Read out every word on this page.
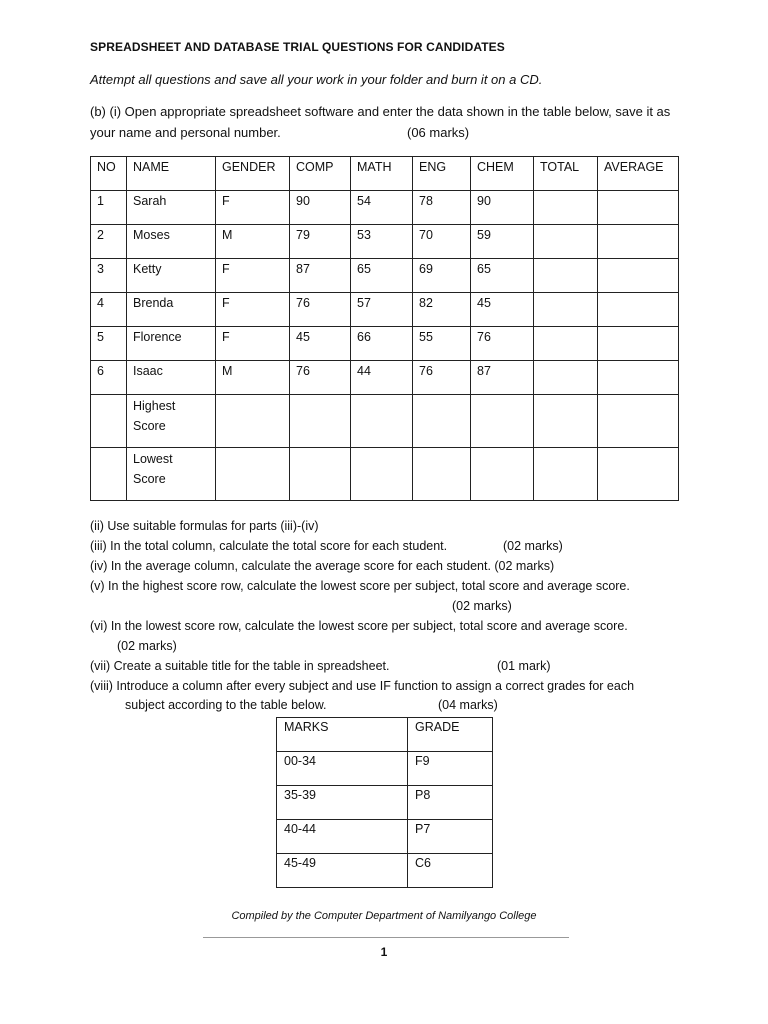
SPREADSHEET AND DATABASE TRIAL QUESTIONS FOR CANDIDATES
Attempt all questions and save all your work in your folder and burn it on a CD.
(b) (i) Open appropriate spreadsheet software and enter the data shown in the table below, save it as
your name and personal number.	(06 marks)
NO	NAME	GENDER	COMP	MATH	ENG	CHEM	TOTAL	AVERAGE
1	Sarah	F	90	54	78	90		
2	Moses	M	79	53	70	59		
3	Ketty	F	87	65	69	65		
4	Brenda	F	76	57	82	45		
5	Florence	F	45	66	55	76		
6	Isaac	M	76	44	76	87		
	Highest
Score							
	Lowest
Score							
(ii) Use suitable formulas for parts (iii)-(iv)
(iii) In the total column, calculate the total score for each student.	(02 marks)
(iv) In the average column, calculate the average score for each student. (02 marks)
(v) In the highest score row, calculate the lowest score per subject, total score and average score.
(02 marks)
(vi) In the lowest score row, calculate the lowest score per subject, total score and average score.
(02 marks)
(vii) Create a suitable title for the table in spreadsheet.	(01 mark)
(viii) Introduce a column after every subject and use IF function to assign a correct grades for each
subject according to the table below.	(04 marks)
MARKS	GRADE
00-34	F9
35-39	P8
40-44	P7
45-49	C6
Compiled by the Computer Department of Namilyango College
1
